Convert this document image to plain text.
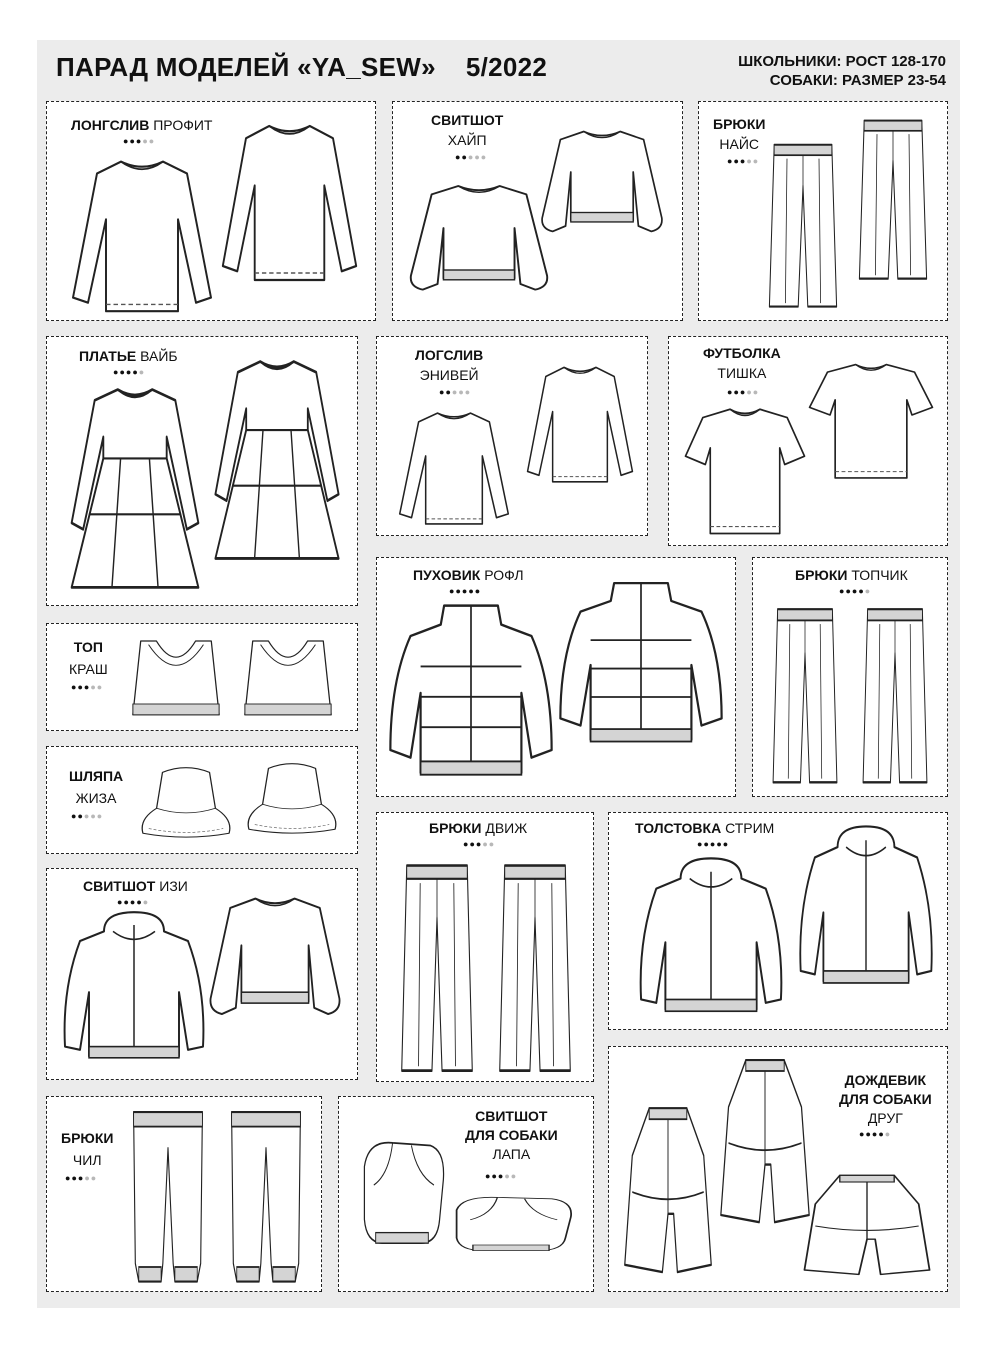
ПАРАД МОДЕЛЕЙ «YA_SEW» 5/2022	ШКОЛЬНИКИ: РОСТ 128-170
СОБАКИ: РАЗМЕР 23-54
ЛОНГСЛИВ ПРОФИТ
●●●●●
СВИТШОТ
ХАЙП
●●●●●
БРЮКИ
НАЙС
●●●●●
ПЛАТЬЕ ВАЙБ
●●●●●
ЛОГСЛИВ
ЭНИВЕЙ
●●●●●
ФУТБОЛКА
ТИШКА
●●●●●
ТОП
КРАШ
●●●●●
ПУХОВИК РОФЛ
●●●●●
БРЮКИ ТОПЧИК
●●●●●
ШЛЯПА
ЖИЗА
●●●●●
БРЮКИ ДВИЖ
●●●●●
ТОЛСТОВКА СТРИМ
●●●●●
СВИТШОТ ИЗИ
●●●●●
БРЮКИ
ЧИЛ
●●●●●
СВИТШОТ
ДЛЯ СОБАКИ
ЛАПА
●●●●●
ДОЖДЕВИК
ДЛЯ СОБАКИ
ДРУГ
●●●●●
